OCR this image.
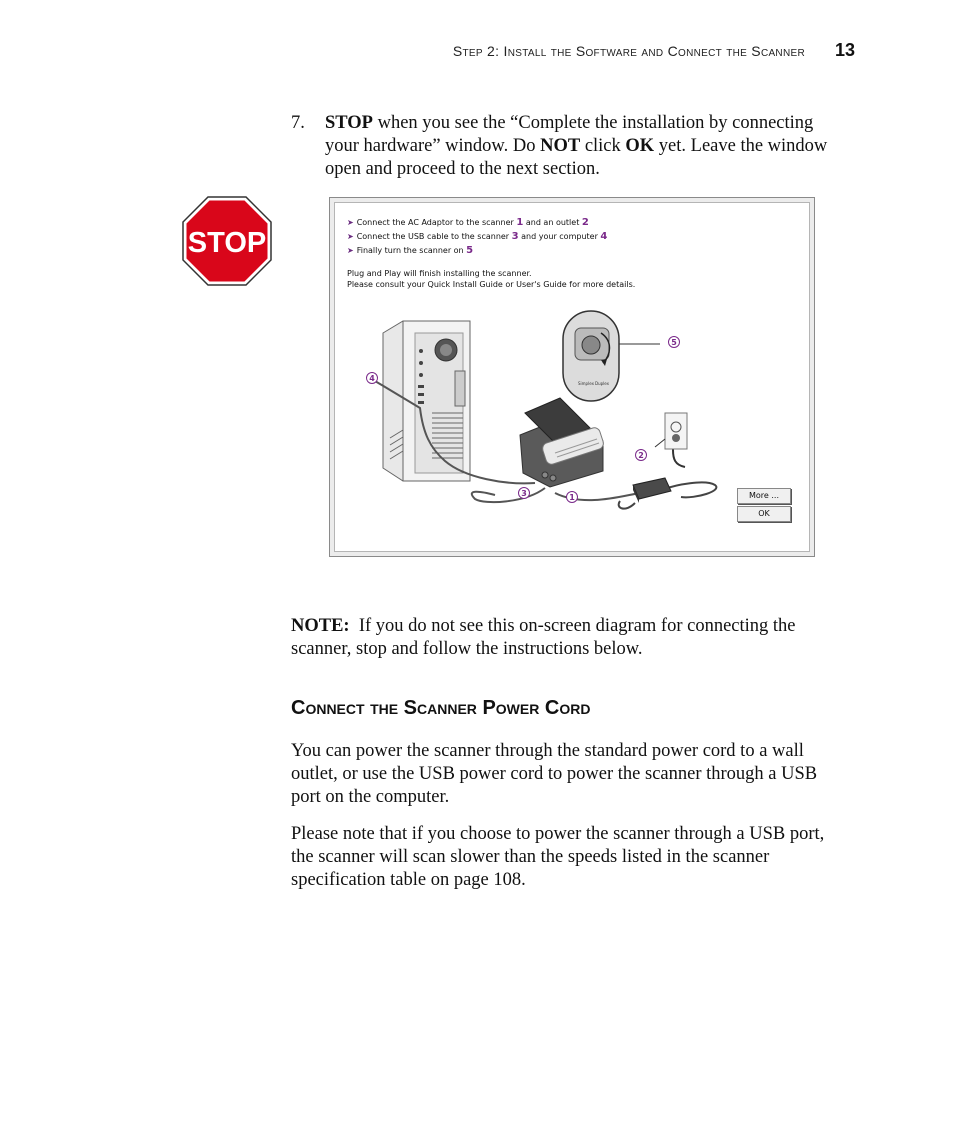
Step 2: Install the Software and Connect the Scanner 13
7.	STOP when you see the “Complete the installation by connecting your hardware” window. Do NOT click OK yet. Leave the window open and proceed to the next section.
STOP
➤ Connect the AC Adaptor to the scanner 1 and an outlet 2
➤ Connect the USB cable to the scanner 3 and your computer 4
➤ Finally turn the scanner on 5
Plug and Play will finish installing the scanner.
Please consult your Quick Install Guide or User's Guide for more details.
Simplex Duplex
1
2
3
4
5
More ...
OK
NOTE:  If you do not see this on-screen diagram for connecting the scanner, stop and follow the instructions below.
Connect the Scanner Power Cord
You can power the scanner through the standard power cord to a wall outlet, or use the USB power cord to power the scanner through a USB port on the computer.
Please note that if you choose to power the scanner through a USB port, the scanner will scan slower than the speeds listed in the scanner specification table on page 108.
